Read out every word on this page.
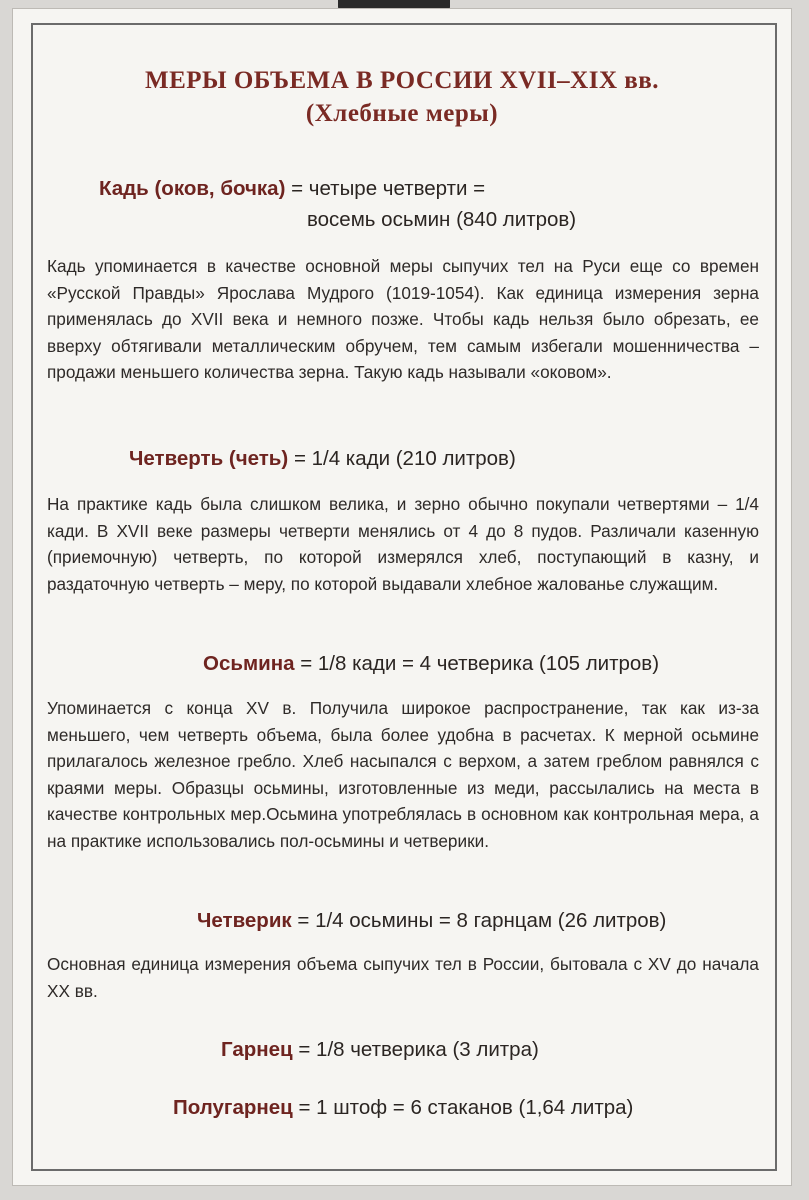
МЕРЫ ОБЪЕМА В РОССИИ XVII–XIX вв.
(Хлебные меры)
Кадь (оков, бочка) = четыре четверти =
восемь осьмин (840 литров)
Кадь упоминается в качестве основной меры сыпучих тел на Руси еще со времен «Русской Правды» Ярослава Мудрого (1019-1054). Как единица измерения зерна применялась до XVII века и немного позже. Чтобы кадь нельзя было обрезать, ее вверху обтягивали металлическим обручем, тем самым избегали мошенничества – продажи меньшего количества зерна. Такую кадь называли «оковом».
Четверть (четь) = 1/4 кади (210 литров)
На практике кадь была слишком велика, и зерно обычно покупали четвертями – 1/4 кади. В XVII веке размеры четверти менялись от 4 до 8 пудов. Различали казенную (приемочную) четверть, по которой измерялся хлеб, поступающий в казну, и раздаточную четверть – меру, по которой выдавали хлебное жалованье служащим.
Осьмина = 1/8 кади = 4 четверика (105 литров)
Упоминается с конца XV в. Получила широкое распространение, так как из-за меньшего, чем четверть объема, была более удобна в расчетах. К мерной осьмине прилагалось железное гребло. Хлеб насыпался с верхом, а затем греблом равнялся с краями меры. Образцы осьмины, изготовленные из меди, рассылались на места в качестве контрольных мер.Осьмина употреблялась в основном как контрольная мера, а на практике использовались пол-осьмины и четверики.
Четверик = 1/4 осьмины = 8 гарнцам (26 литров)
Основная единица измерения объема сыпучих тел в России, бытовала с XV до начала XX вв.
Гарнец = 1/8 четверика (3 литра)
Полугарнец = 1 штоф = 6 стаканов (1,64 литра)
